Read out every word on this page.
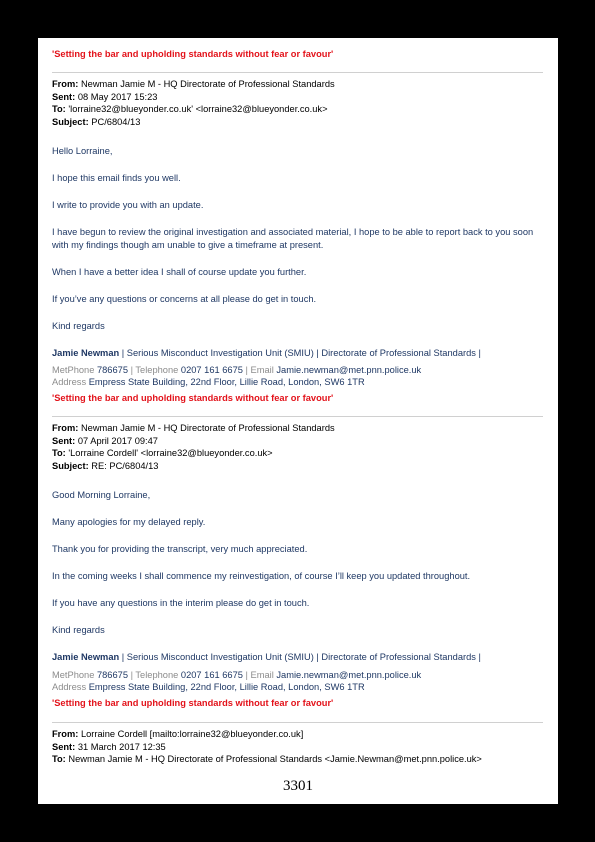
'Setting the bar and upholding standards without fear or favour'
From: Newman Jamie M - HQ Directorate of Professional Standards
Sent: 08 May 2017 15:23
To: 'lorraine32@blueyonder.co.uk' <lorraine32@blueyonder.co.uk>
Subject: PC/6804/13

Hello Lorraine,

I hope this email finds you well.

I write to provide you with an update.

I have begun to review the original investigation and associated material, I hope to be able to report back to you soon with my findings though am unable to give a timeframe at present.

When I have a better idea I shall of course update you further.

If you’ve any questions or concerns at all please do get in touch.

Kind regards

Jamie Newman | Serious Misconduct Investigation Unit (SMIU) | Directorate of Professional Standards |
MetPhone 786675 | Telephone 0207 161 6675 | Email Jamie.newman@met.pnn.police.uk
Address Empress State Building, 22nd Floor, Lillie Road, London, SW6 1TR
'Setting the bar and upholding standards without fear or favour'
From: Newman Jamie M - HQ Directorate of Professional Standards
Sent: 07 April 2017 09:47
To: 'Lorraine Cordell' <lorraine32@blueyonder.co.uk>
Subject: RE: PC/6804/13

Good Morning Lorraine,

Many apologies for my delayed reply.

Thank you for providing the transcript, very much appreciated.

In the coming weeks I shall commence my reinvestigation, of course I’ll keep you updated throughout.

If you have any questions in the interim please do get in touch.

Kind regards

Jamie Newman | Serious Misconduct Investigation Unit (SMIU) | Directorate of Professional Standards |
MetPhone 786675 | Telephone 0207 161 6675 | Email Jamie.newman@met.pnn.police.uk
Address Empress State Building, 22nd Floor, Lillie Road, London, SW6 1TR
'Setting the bar and upholding standards without fear or favour'
From: Lorraine Cordell [mailto:lorraine32@blueyonder.co.uk]
Sent: 31 March 2017 12:35
To: Newman Jamie M - HQ Directorate of Professional Standards <Jamie.Newman@met.pnn.police.uk>
3301
